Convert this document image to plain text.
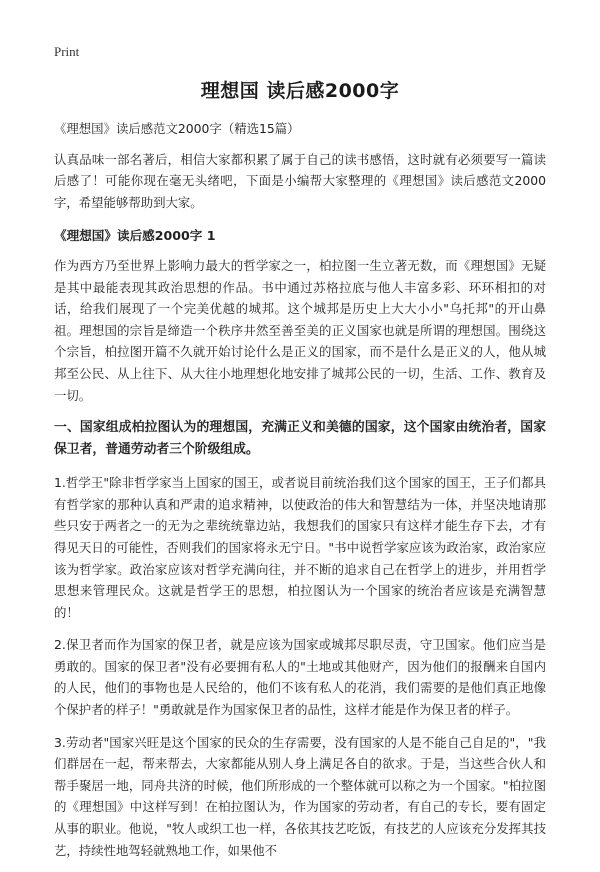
Print
理想国 读后感2000字

《理想国》读后感范文2000字（精选15篇）

认真品味一部名著后，相信大家都积累了属于自己的读书感悟，这时就有必须要写一篇读后感了！可能你现在毫无头绪吧，下面是小编帮大家整理的《理想国》读后感范文2000字，希望能够帮助到大家。

《理想国》读后感2000字 1

作为西方乃至世界上影响力最大的哲学家之一，柏拉图一生立著无数，而《理想国》无疑是其中最能表现其政治思想的作品。书中通过苏格拉底与他人丰富多彩、环环相扣的对话，给我们展现了一个完美优越的城邦。这个城邦是历史上大大小小"乌托邦"的开山鼻祖。理想国的宗旨是缔造一个秩序井然至善至美的正义国家也就是所谓的理想国。围绕这个宗旨，柏拉图开篇不久就开始讨论什么是正义的国家，而不是什么是正义的人，他从城邦至公民、从上往下、从大往小地理想化地安排了城邦公民的一切，生活、工作、教育及一切。

一、国家组成柏拉图认为的理想国，充满正义和美德的国家，这个国家由统治者，国家保卫者，普通劳动者三个阶级组成。

1.哲学王"除非哲学家当上国家的国王，或者说目前统治我们这个国家的国王，王子们都具有哲学家的那种认真和严肃的追求精神，以使政治的伟大和智慧结为一体，并坚决地请那些只安于两者之一的无为之辈统统靠边站，我想我们的国家只有这样才能生存下去，才有得见天日的可能性，否则我们的国家将永无宁日。"书中说哲学家应该为政治家，政治家应该为哲学家。政治家应该对哲学充满向往，并不断的追求自己在哲学上的进步，并用哲学思想来管理民众。这就是哲学王的思想，柏拉图认为一个国家的统治者应该是充满智慧的！

2.保卫者而作为国家的保卫者，就是应该为国家或城邦尽职尽责，守卫国家。他们应当是勇敢的。国家的保卫者"没有必要拥有私人的"土地或其他财产，因为他们的报酬来自国内的人民，他们的事物也是人民给的，他们不该有私人的花消，我们需要的是他们真正地像个保护者的样子！"勇敢就是作为国家保卫者的品性，这样才能是作为保卫者的样子。

3.劳动者"国家兴旺是这个国家的民众的生存需要，没有国家的人是不能自己自足的"，"我们群居在一起，帮来帮去，大家都能从别人身上满足各自的欲求。于是，当这些合伙人和帮手聚居一地，同舟共济的时候，他们所形成的一个整体就可以称之为一个国家。"柏拉图的《理想国》中这样写到！在柏拉图认为，作为国家的劳动者，有自己的专长，要有固定从事的职业。他说，"牧人或织工也一样，各依其技艺吃饭，有技艺的人应该充分发挥其技艺，持续性地驾轻就熟地工作，如果他不
